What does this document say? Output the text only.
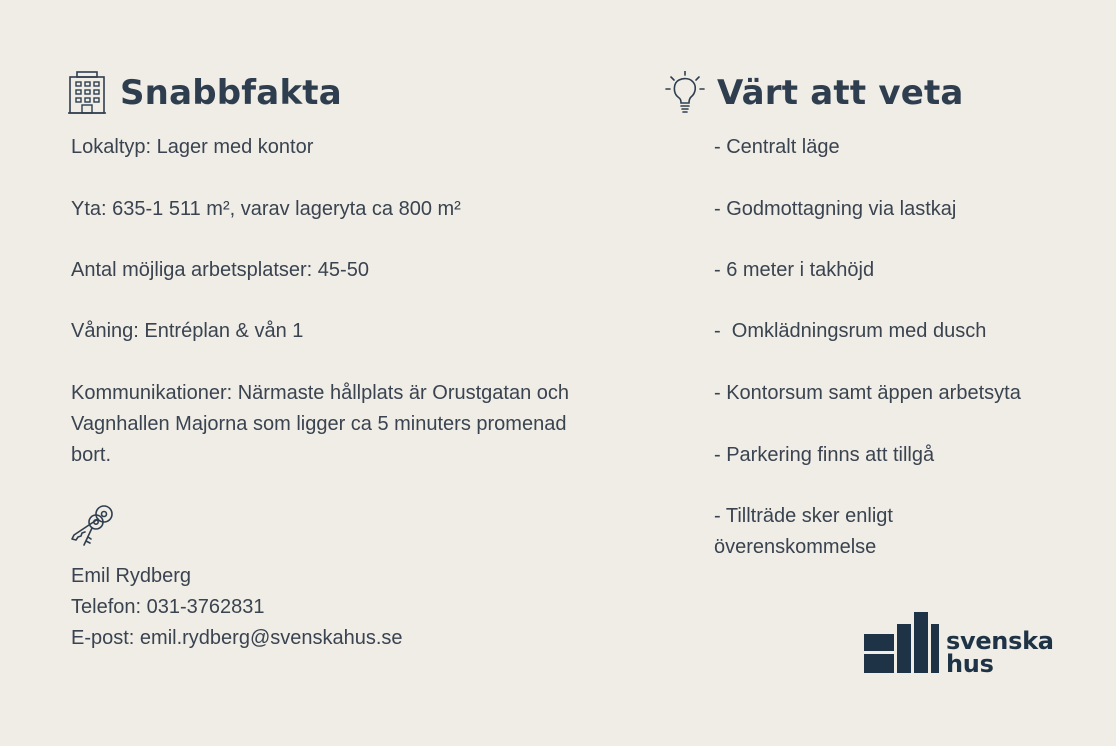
Snabbfakta
Lokaltyp: Lager med kontor
Yta: 635-1 511 m², varav lageryta ca 800 m²
Antal möjliga arbetsplatser: 45-50
Våning: Entréplan & vån 1
Kommunikationer: Närmaste hållplats är Orustgatan och
Vagnhallen Majorna som ligger ca 5 minuters promenad
bort.
Emil Rydberg
Telefon: 031-3762831
E-post: emil.rydberg@svenskahus.se
Värt att veta
- Centralt läge
- Godmottagning via lastkaj
- 6 meter i takhöjd
-  Omklädningsrum med dusch
- Kontorsum samt äppen arbetsyta
- Parkering finns att tillgå
- Tillträde sker enligt
överenskommelse
svenska
hus
